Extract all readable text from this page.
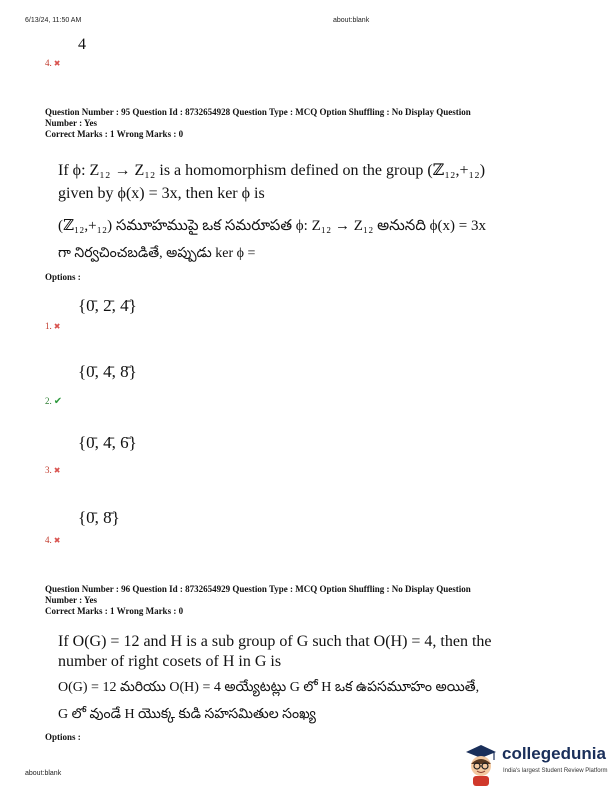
6/13/24, 11:50 AM	about:blank
4
4. ✖
Question Number : 95 Question Id : 8732654928 Question Type : MCQ Option Shuffling : No Display Question
Number : Yes
Correct Marks : 1 Wrong Marks : 0
If ϕ: Z₁₂ → Z₁₂ is a homomorphism defined on the group (ℤ₁₂,+₁₂)
given by ϕ(x) = 3x, then ker ϕ is
(ℤ₁₂,+₁₂) సమూహముపై ఒక సమరూపత ϕ: Z₁₂ → Z₁₂ అనునది ϕ(x) = 3x
గా నిర్వచించబడితే, అప్పుడు ker ϕ =
Options :
{0̄, 2̄, 4̄}
1. ✖
{0̄, 4̄, 8̄}
2. ✔
{0̄, 4̄, 6̄}
3. ✖
{0̄, 8̄}
4. ✖
Question Number : 96 Question Id : 8732654929 Question Type : MCQ Option Shuffling : No Display Question
Number : Yes
Correct Marks : 1 Wrong Marks : 0
If O(G) = 12 and H is a sub group of G such that O(H) = 4, then the
number of right cosets of H in G is
O(G) = 12 మరియు O(H) = 4 అయ్యేటట్లు G లో H ఒక ఉపసమూహం అయితే,
G లో వుండే H యొక్క కుడి సహసమితుల సంఖ్య
Options :
about:blank
collegedunia
India's largest Student Review Platform
